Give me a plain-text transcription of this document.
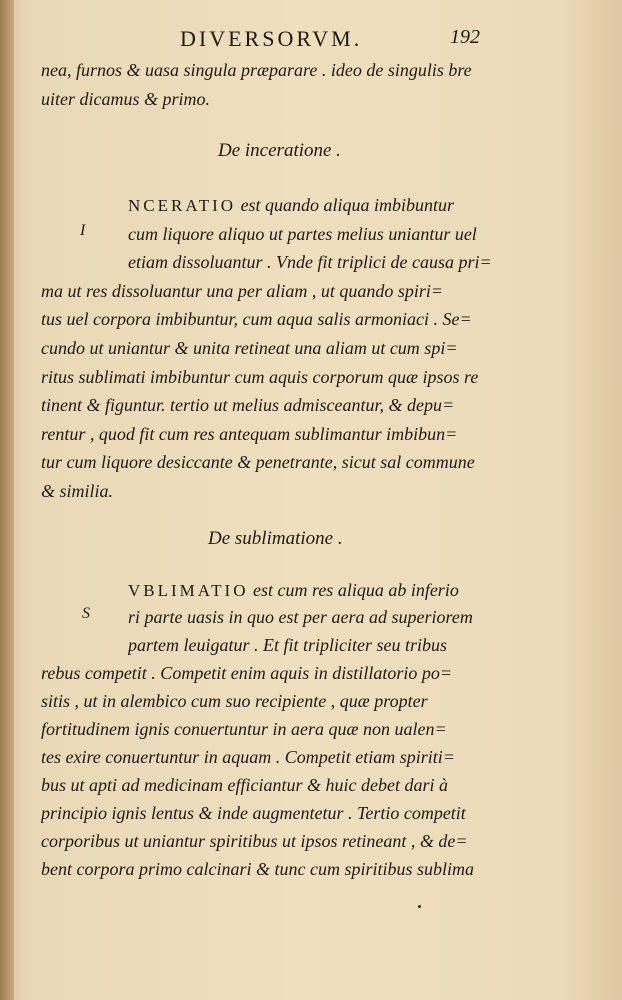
DIVERSORVM.	192
nea, furnos & uasa singula præparare . ideo de singulis bre
uiter dicamus & primo.
De inceratione .
NCERATIO est quando aliqua imbibuntur
I cum liquore aliquo ut partes melius uniantur uel
etiam dissoluantur . Vnde fit triplici de causa pri=
ma ut res dissoluantur una per aliam , ut quando spiri=
tus uel corpora imbibuntur, cum aqua salis armoniaci . Se=
cundo ut uniantur & unita retineat una aliam ut cum spi=
ritus sublimati imbibuntur cum aquis corporum quæ ipsos re
tinent & figuntur. tertio ut melius admisceantur, & depu=
rentur , quod fit cum res antequam sublimantur imbibun=
tur cum liquore desiccante & penetrante, sicut sal commune
& similia.
De sublimatione .
VBLIMATIO est cum res aliqua ab inferio
S ri parte uasis in quo est per aera ad superiorem
partem leuigatur . Et fit tripliciter seu tribus
rebus competit . Competit enim aquis in distillatorio po=
sitis , ut in alembico cum suo recipiente , quæ propter
fortitudinem ignis conuertuntur in aera quæ non ualen=
tes exire conuertuntur in aquam . Competit etiam spiriti=
bus ut apti ad medicinam efficiantur & huic debet dari à
principio ignis lentus & inde augmentetur . Tertio competit
corporibus ut uniantur spiritibus ut ipsos retineant , & de=
bent corpora primo calcinari & tunc cum spiritibus sublima
